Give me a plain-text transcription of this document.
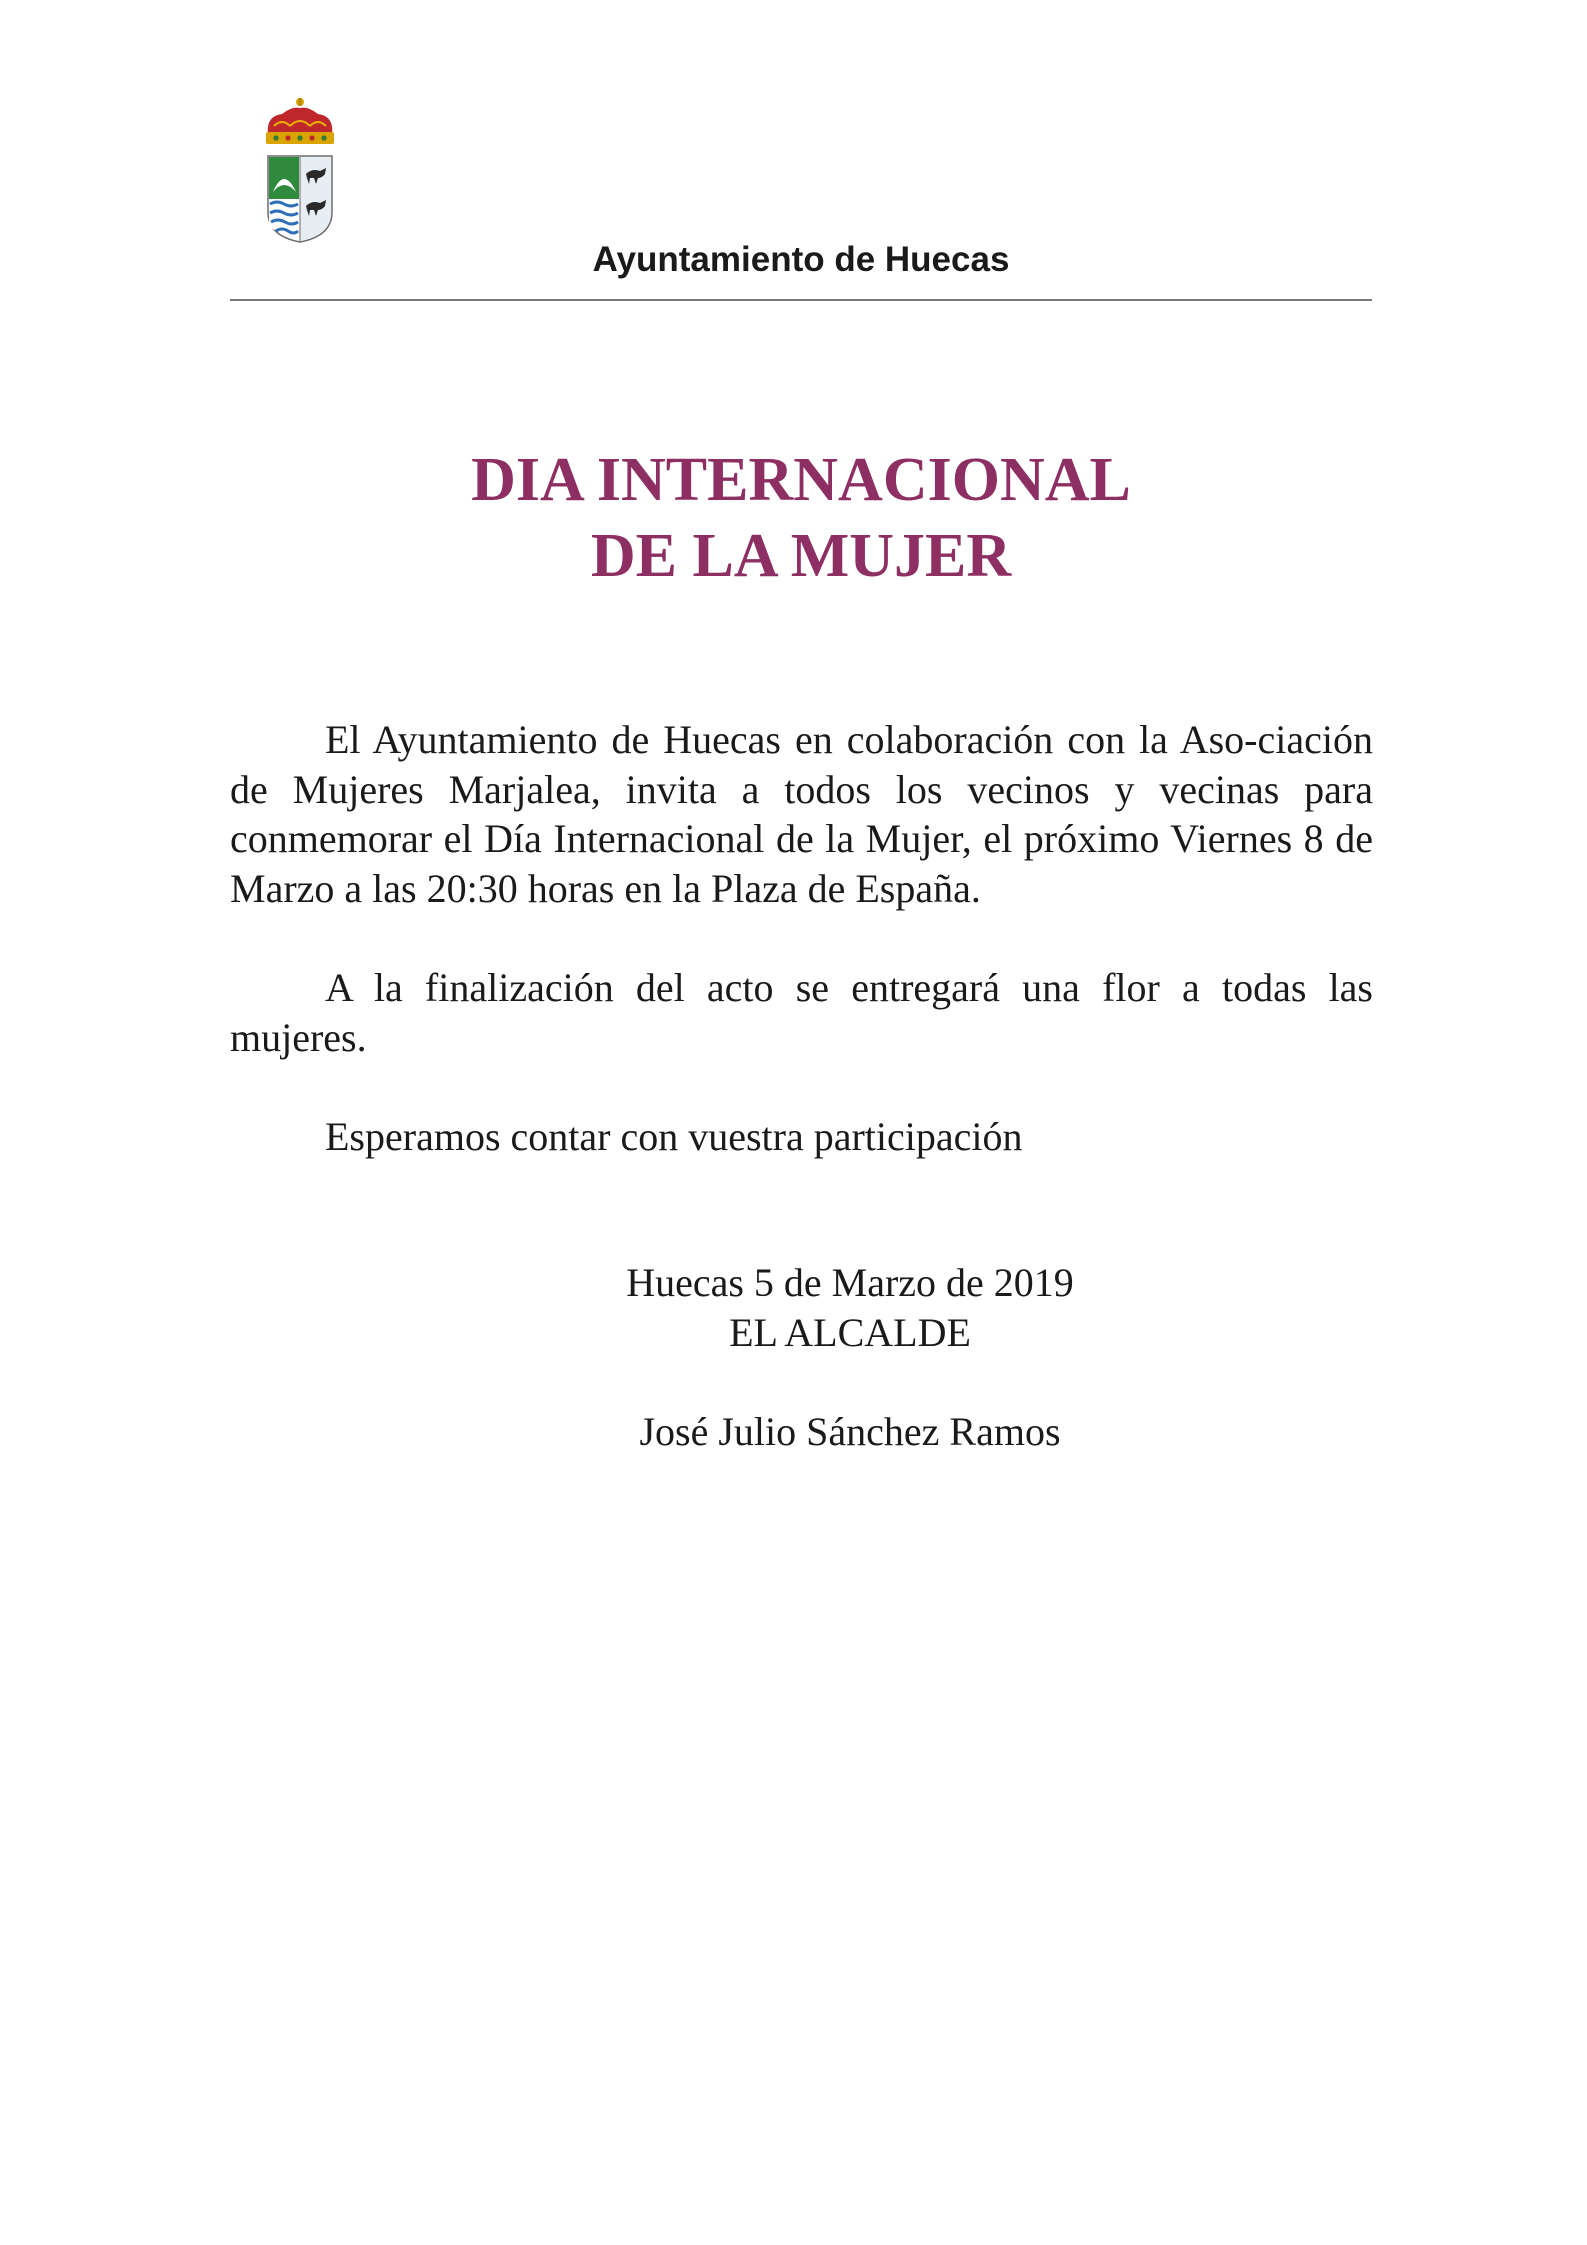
Ayuntamiento de Huecas
DIA INTERNACIONAL
DE LA MUJER

El Ayuntamiento de Huecas en colaboración con la Aso-ciación de Mujeres Marjalea, invita a todos los vecinos y vecinas para conmemorar el Día Internacional de la Mujer, el próximo Viernes 8 de Marzo a las 20:30 horas en la Plaza de España.

A la finalización del acto se entregará una flor a todas las mujeres.

Esperamos contar con vuestra participación

Huecas 5 de Marzo de 2019
EL ALCALDE
José Julio Sánchez Ramos
